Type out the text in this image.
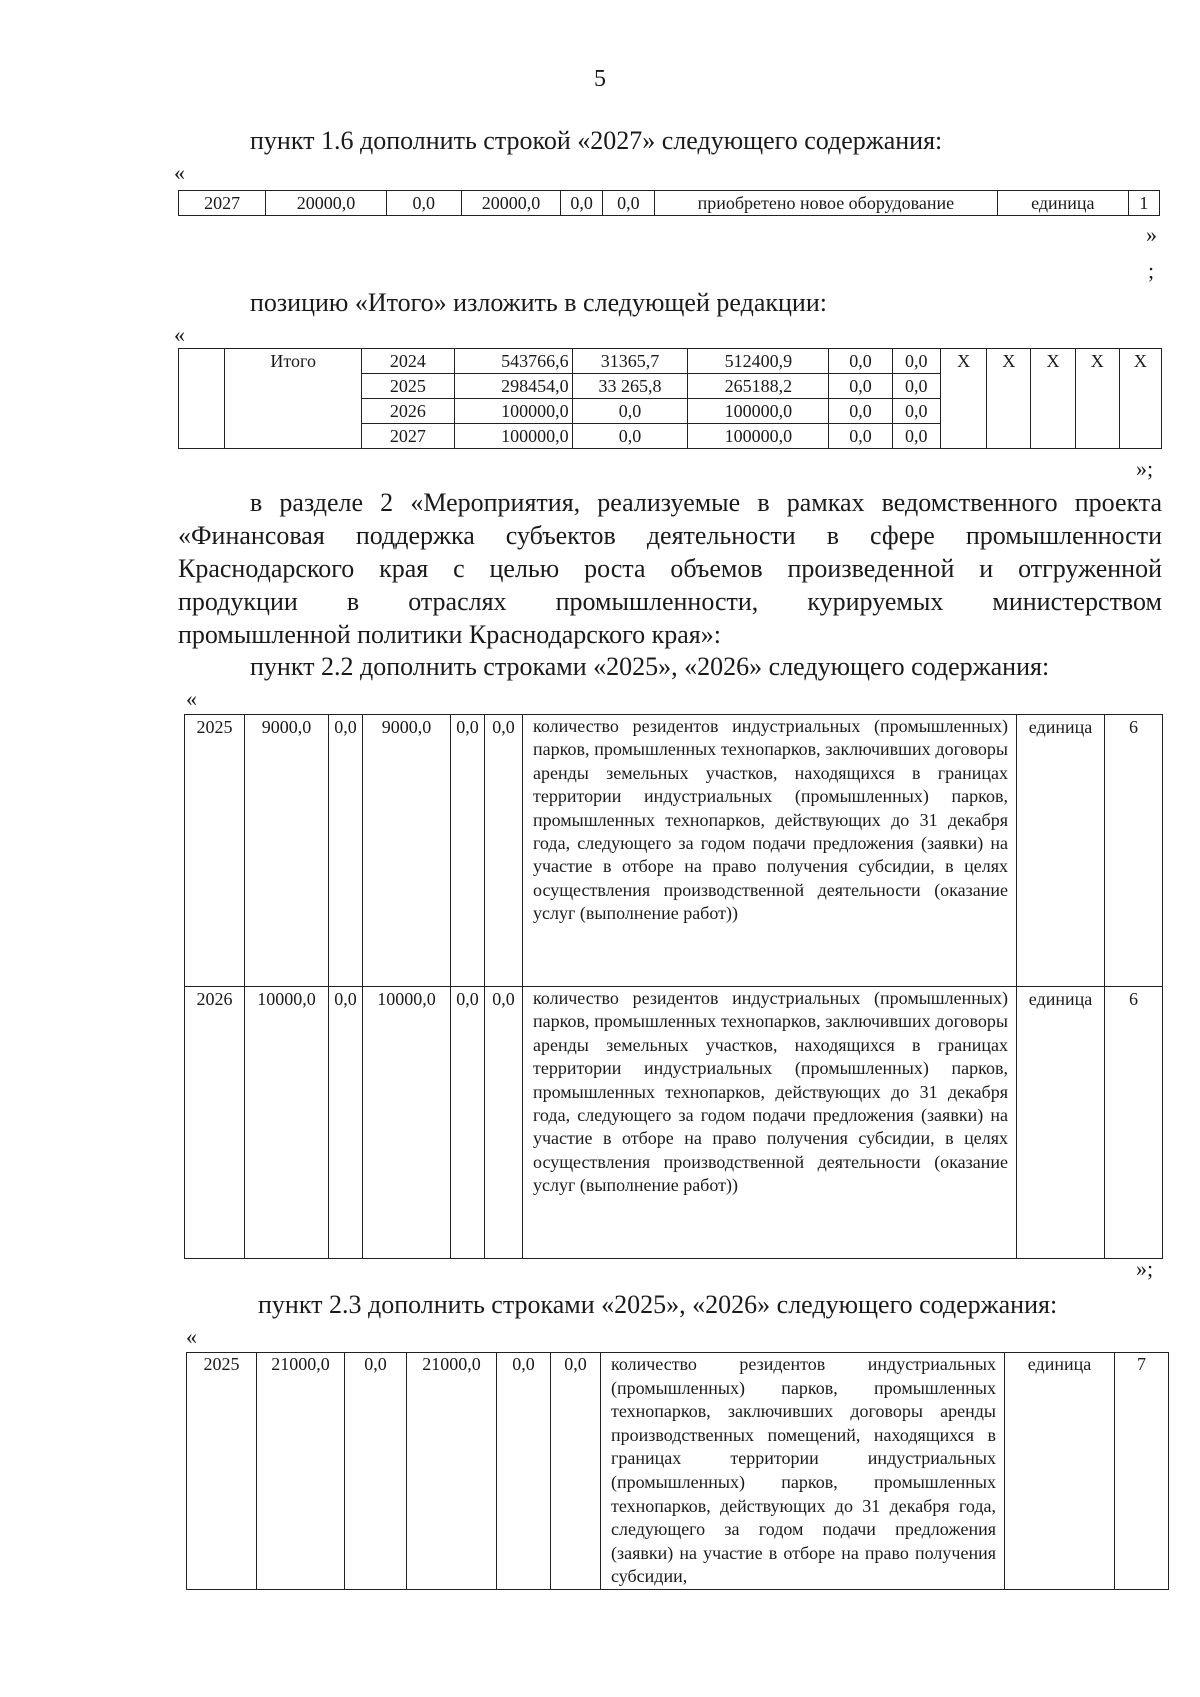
5
пункт 1.6 дополнить строкой «2027» следующего содержания:
«
2027	20000,0	0,0	20000,0	0,0	0,0	приобретено новое оборудование	единица	1
»
;
позицию «Итого» изложить в следующей редакции:
«
	Итого	2024	543766,6	31365,7	512400,9	0,0	0,0	X	X	X	X	X
		2025	298454,0	33 265,8	265188,2	0,0	0,0					
		2026	100000,0	0,0	100000,0	0,0	0,0					
		2027	100000,0	0,0	100000,0	0,0	0,0					
»;
в разделе 2 «Мероприятия, реализуемые в рамках ведомственного проекта
«Финансовая поддержка субъектов деятельности в сфере промышленности
Краснодарского края с целью роста объемов произведенной и отгруженной
продукции в отраслях промышленности, курируемых министерством
промышленной политики Краснодарского края»:
пункт 2.2 дополнить строками «2025», «2026» следующего содержания:
«
2025	9000,0	0,0	9000,0	0,0	0,0	количество резидентов индустриальных (промышленных) парков, промышленных технопарков, заключивших договоры аренды земельных участков, находящихся в границах территории индустриальных (промышленных) парков, промышленных технопарков, действующих до 31 декабря года, следующего за годом подачи предложения (заявки) на участие в отборе на право получения субсидии, в целях осуществления производственной деятельности (оказание услуг (выполнение работ))	единица	6
2026	10000,0	0,0	10000,0	0,0	0,0	количество резидентов индустриальных (промышленных) парков, промышленных технопарков, заключивших договоры аренды земельных участков, находящихся в границах территории индустриальных (промышленных) парков, промышленных технопарков, действующих до 31 декабря года, следующего за годом подачи предложения (заявки) на участие в отборе на право получения субсидии, в целях осуществления производственной деятельности (оказание услуг (выполнение работ))	единица	6
»;
пункт 2.3 дополнить строками «2025», «2026» следующего содержания:
«
2025	21000,0	0,0	21000,0	0,0	0,0	количество резидентов индустриальных (промышленных) парков, промышленных технопарков, заключивших договоры аренды производственных помещений, находящихся в границах территории индустриальных (промышленных) парков, промышленных технопарков, действующих до 31 декабря года, следующего за годом подачи предложения (заявки) на участие в отборе на право получения субсидии,	единица	7
